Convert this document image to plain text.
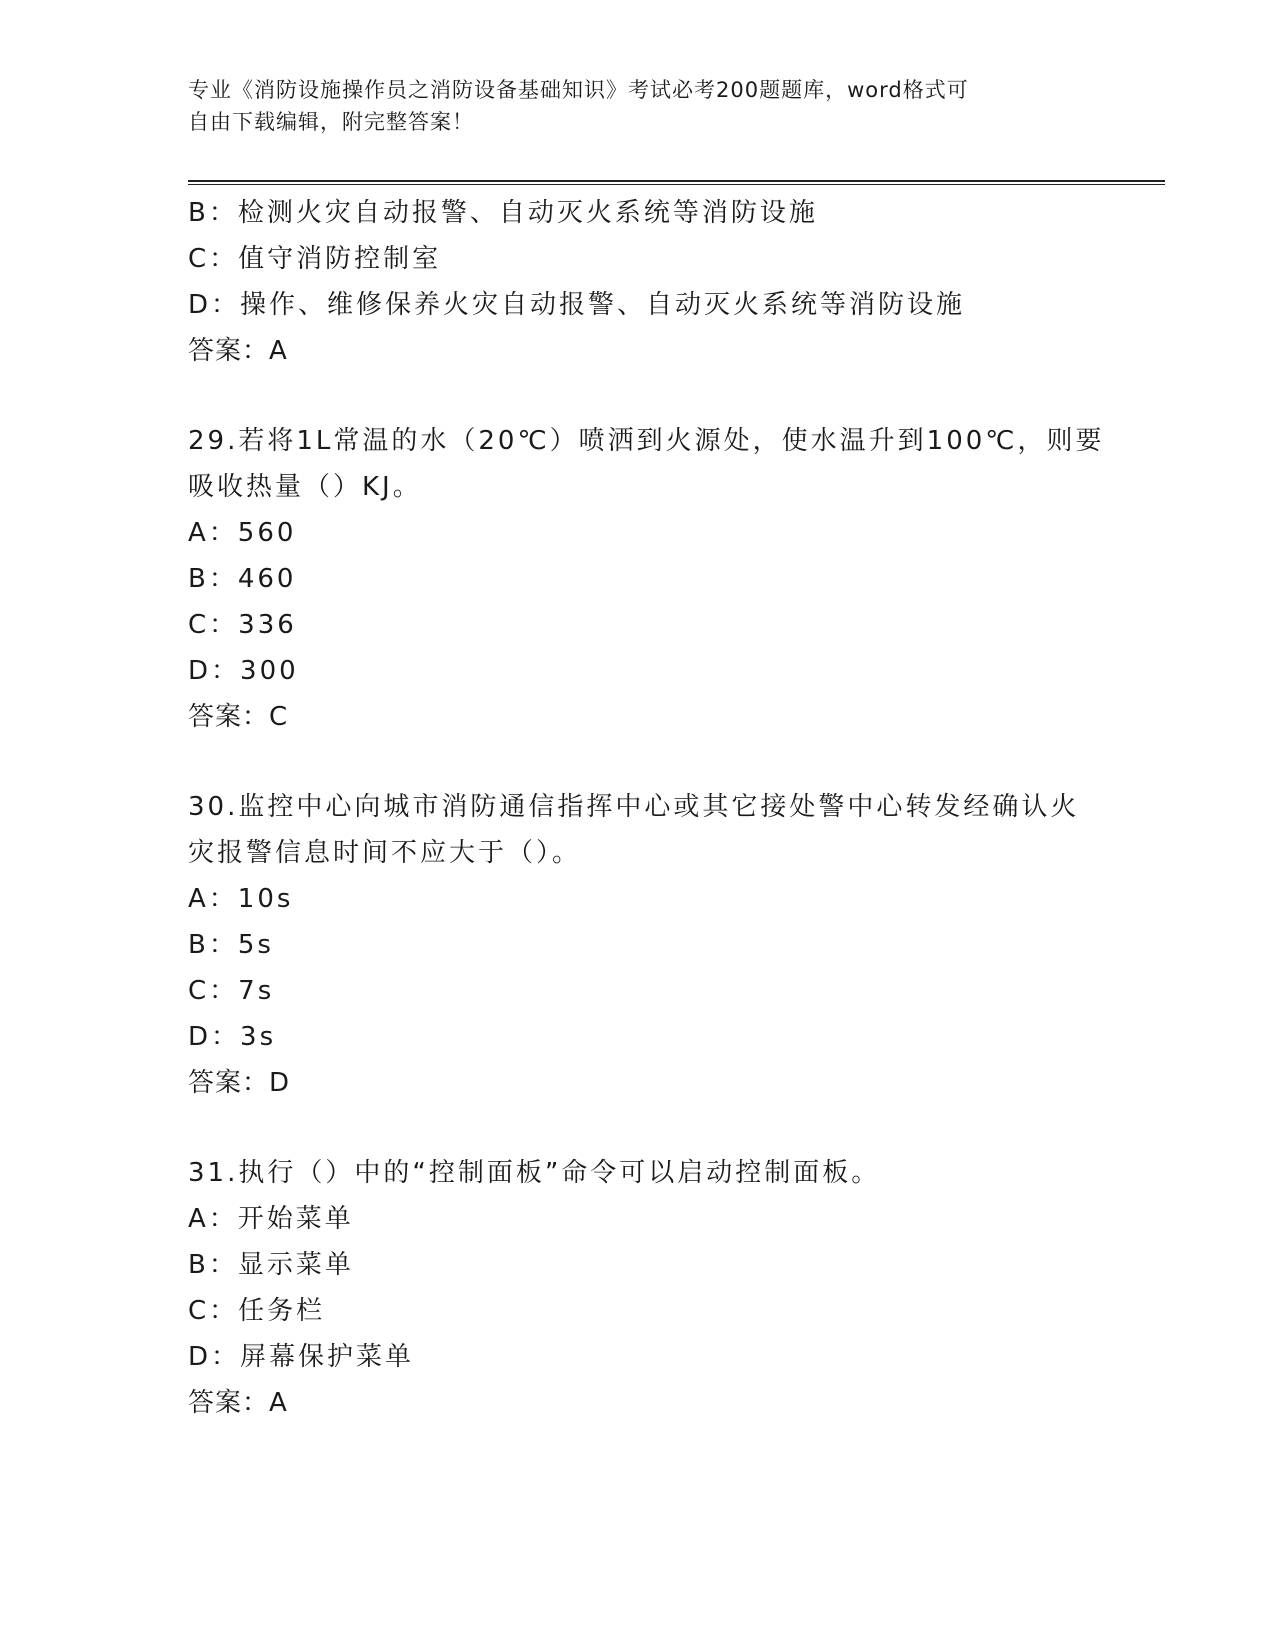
专业《消防设施操作员之消防设备基础知识》考试必考200题题库，word格式可
自由下载编辑，附完整答案！
B：检测火灾自动报警、自动灭火系统等消防设施
C：值守消防控制室
D：操作、维修保养火灾自动报警、自动灭火系统等消防设施
答案：A
29.若将1L常温的水（20℃）喷洒到火源处，使水温升到100℃，则要
吸收热量（）KJ。
A：560
B：460
C：336
D：300
答案：C
30.监控中心向城市消防通信指挥中心或其它接处警中心转发经确认火
灾报警信息时间不应大于（）。
A：10s
B：5s
C：7s
D：3s
答案：D
31.执行（）中的“控制面板”命令可以启动控制面板。
A：开始菜单
B：显示菜单
C：任务栏
D：屏幕保护菜单
答案：A
